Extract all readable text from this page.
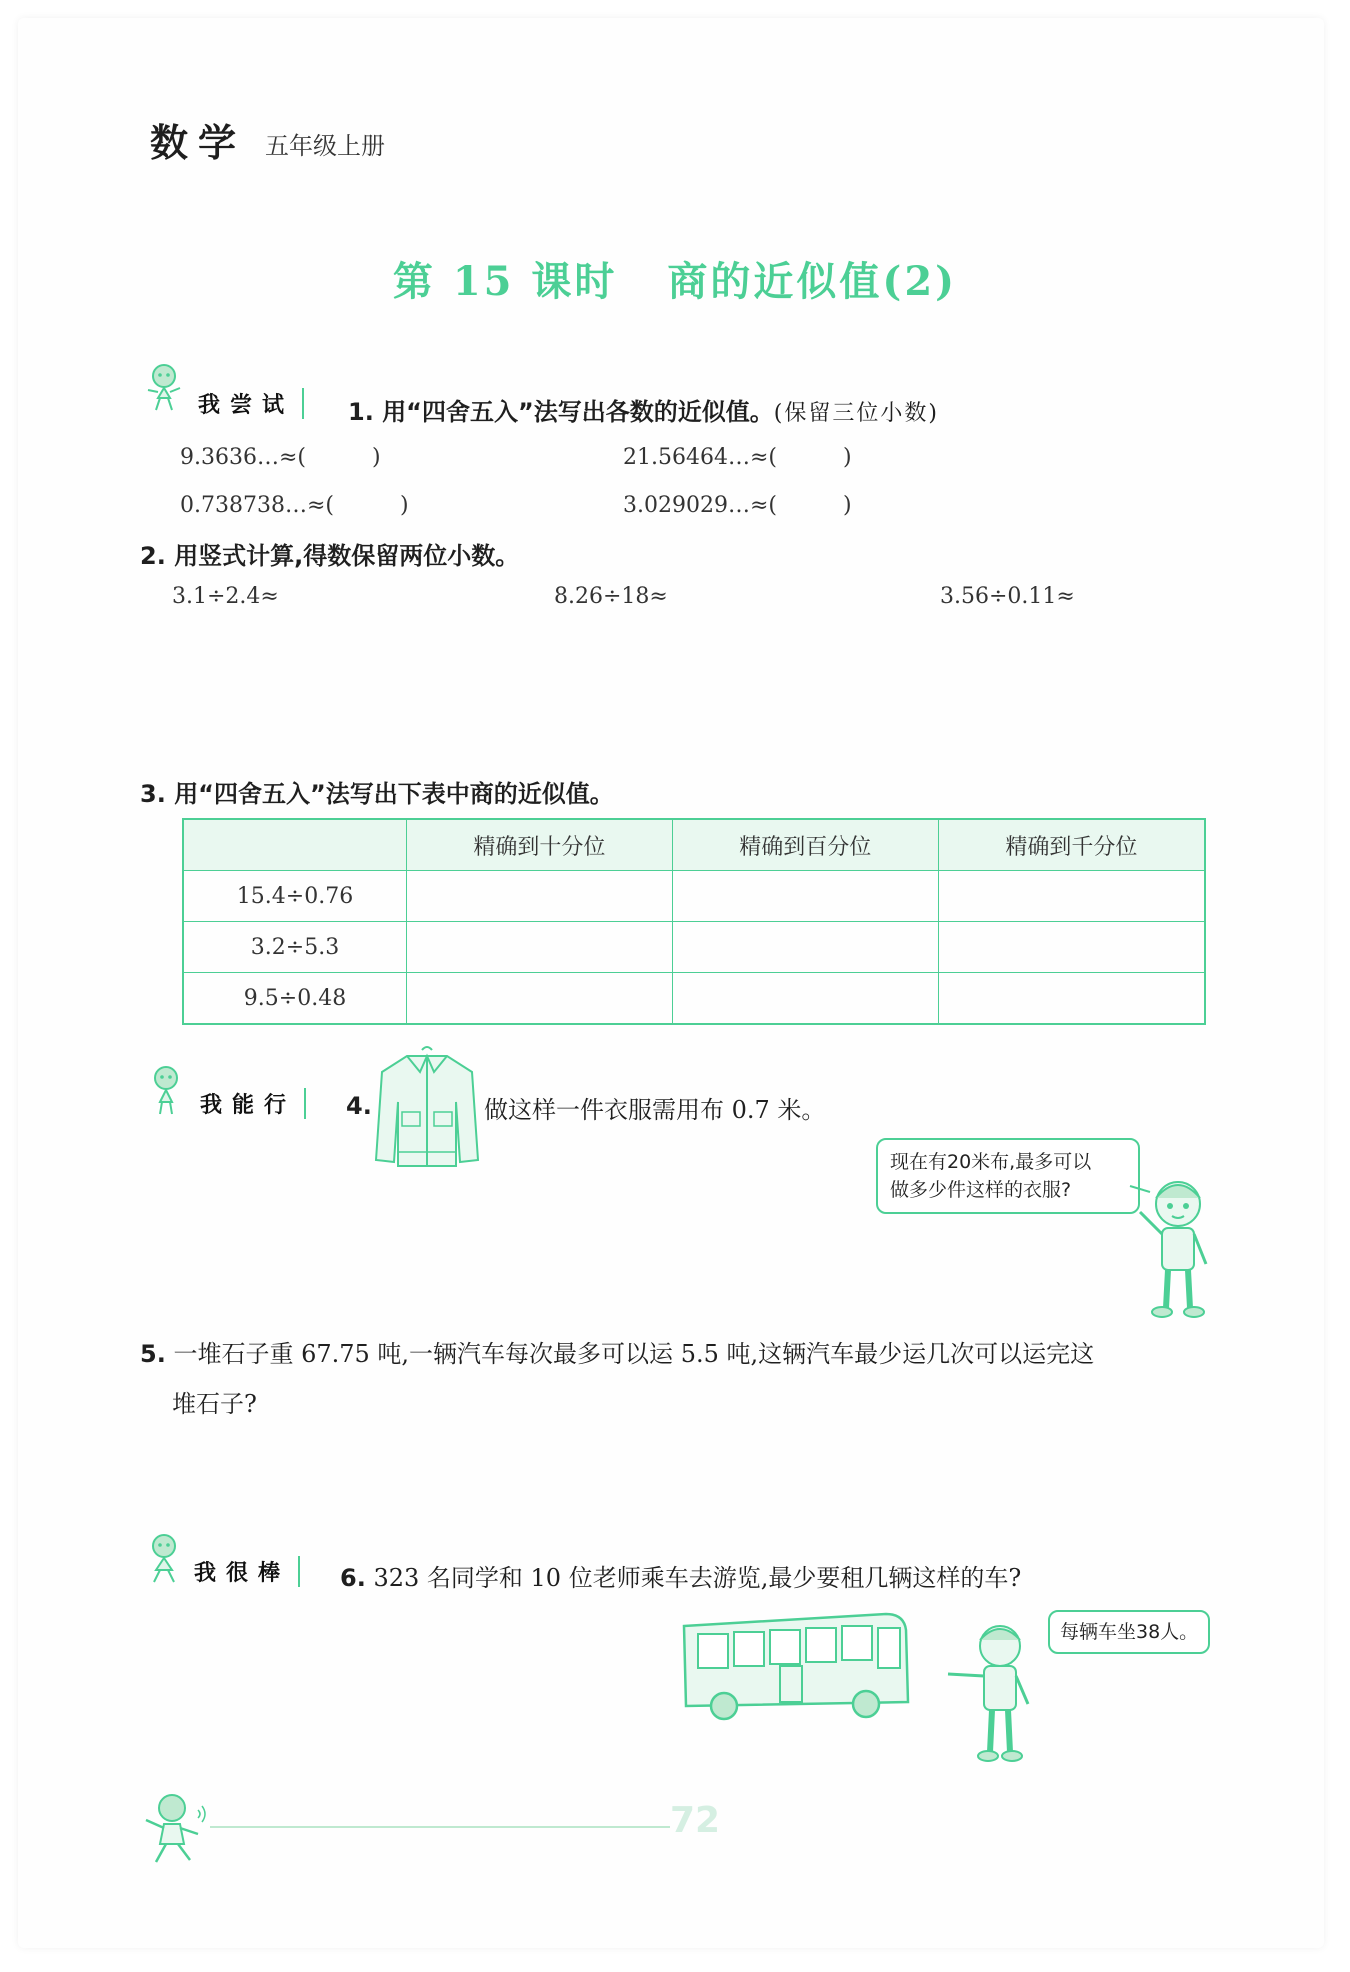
数学 五年级上册
第 15 课时 商的近似值(2)
我尝试	1. 用“四舍五入”法写出各数的近似值。(保留三位小数)
9.3636…≈(　　　)	21.56464…≈(　　　)
0.738738…≈(　　　)	3.029029…≈(　　　)
2. 用竖式计算,得数保留两位小数。
3.1÷2.4≈	8.26÷18≈	3.56÷0.11≈
3. 用“四舍五入”法写出下表中商的近似值。
	精确到十分位	精确到百分位	精确到千分位
15.4÷0.76			
3.2÷5.3			
9.5÷0.48			
我能行	4.	做这样一件衣服需用布 0.7 米。
现在有20米布,最多可以
做多少件这样的衣服?
5. 一堆石子重 67.75 吨,一辆汽车每次最多可以运 5.5 吨,这辆汽车最少运几次可以运完这
堆石子?
我很棒	6. 323 名同学和 10 位老师乘车去游览,最少要租几辆这样的车?
每辆车坐38人。
72
